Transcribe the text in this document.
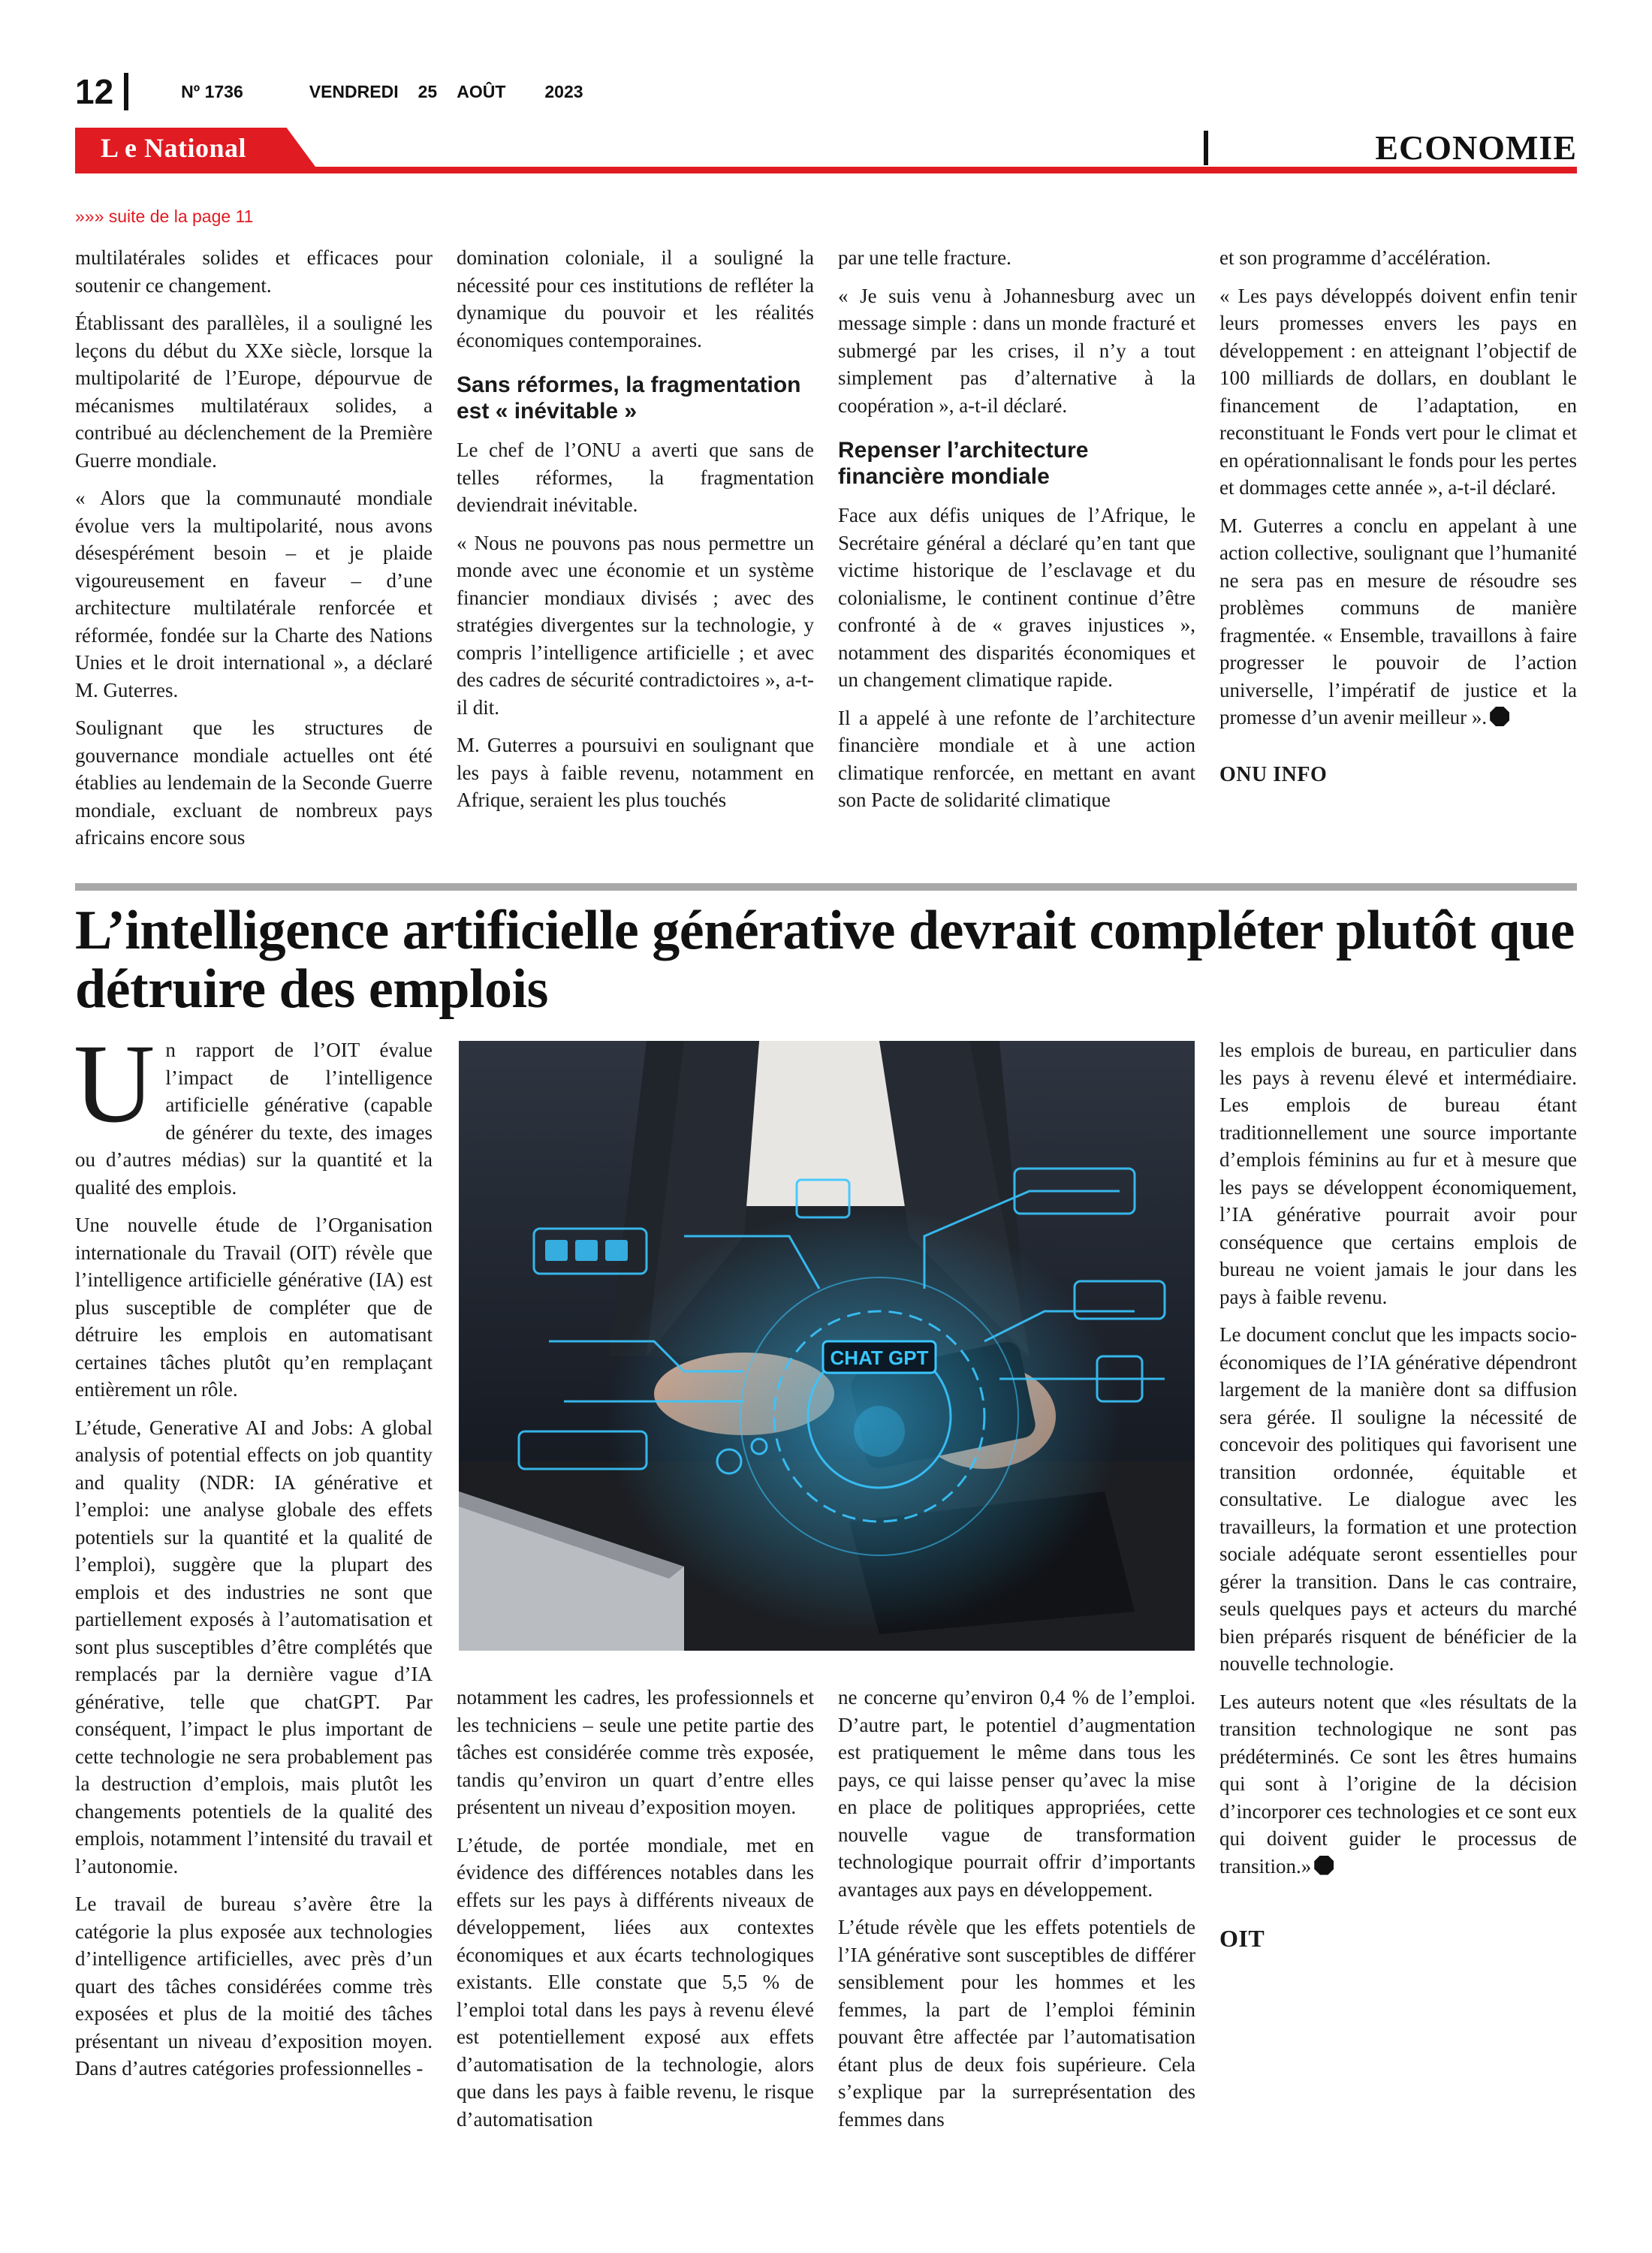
12	Nº 1736	VENDREDI 25 AOÛT 2023
L e National	ECONOMIE
»»» suite de la page 11

multilatérales solides et efficaces pour soutenir ce changement.

Établissant des parallèles, il a souligné les leçons du début du XXe siècle, lorsque la multipolarité de l’Europe, dépourvue de mécanismes multilatéraux solides, a contribué au déclenchement de la Première Guerre mondiale.

« Alors que la communauté mondiale évolue vers la multipolarité, nous avons désespérément besoin – et je plaide vigoureusement en faveur – d’une architecture multilatérale renforcée et réformée, fondée sur la Charte des Nations Unies et le droit international », a déclaré M. Guterres.

Soulignant que les structures de gouvernance mondiale actuelles ont été établies au lendemain de la Seconde Guerre mondiale, excluant de nombreux pays africains encore sous

domination coloniale, il a souligné la nécessité pour ces institutions de refléter la dynamique du pouvoir et les réalités économiques contemporaines.

Sans réformes, la fragmentation est « inévitable »

Le chef de l’ONU a averti que sans de telles réformes, la fragmentation deviendrait inévitable.

« Nous ne pouvons pas nous permettre un monde avec une économie et un système financier mondiaux divisés ; avec des stratégies divergentes sur la technologie, y compris l’intelligence artificielle ; et avec des cadres de sécurité contradictoires », a-t-il dit.

M. Guterres a poursuivi en soulignant que les pays à faible revenu, notamment en Afrique, seraient les plus touchés

par une telle fracture.

« Je suis venu à Johannesburg avec un message simple : dans un monde fracturé et submergé par les crises, il n’y a tout simplement pas d’alternative à la coopération », a-t-il déclaré.

Repenser l’architecture financière mondiale

Face aux défis uniques de l’Afrique, le Secrétaire général a déclaré qu’en tant que victime historique de l’esclavage et du colonialisme, le continent continue d’être confronté à de « graves injustices », notamment des disparités économiques et un changement climatique rapide.

Il a appelé à une refonte de l’architecture financière mondiale et à une action climatique renforcée, en mettant en avant son Pacte de solidarité climatique

et son programme d’accélération.

« Les pays développés doivent enfin tenir leurs promesses envers les pays en développement : en atteignant l’objectif de 100 milliards de dollars, en doublant le financement de l’adaptation, en reconstituant le Fonds vert pour le climat et en opérationnalisant le fonds pour les pertes et dommages cette année », a-t-il déclaré.

M. Guterres a conclu en appelant à une action collective, soulignant que l’humanité ne sera pas en mesure de résoudre ses problèmes communs de manière fragmentée. « Ensemble, travaillons à faire progresser le pouvoir de l’action universelle, l’impératif de justice et la promesse d’un avenir meilleur ».

ONU INFO

L’intelligence artificielle générative devrait compléter plutôt que détruire des emplois

Un rapport de l’OIT évalue l’impact de l’intelligence artificielle générative (capable de générer du texte, des images ou d’autres médias) sur la quantité et la qualité des emplois.

Une nouvelle étude de l’Organisation internationale du Travail (OIT) révèle que l’intelligence artificielle générative (IA) est plus susceptible de compléter que de détruire les emplois en automatisant certaines tâches plutôt qu’en remplaçant entièrement un rôle.

L’étude, Generative AI and Jobs: A global analysis of potential effects on job quantity and quality (NDR: IA générative et l’emploi: une analyse globale des effets potentiels sur la quantité et la qualité de l’emploi), suggère que la plupart des emplois et des industries ne sont que partiellement exposés à l’automatisation et sont plus susceptibles d’être complétés que remplacés par la dernière vague d’IA générative, telle que chatGPT. Par conséquent, l’impact le plus important de cette technologie ne sera probablement pas la destruction d’emplois, mais plutôt les changements potentiels de la qualité des emplois, notamment l’intensité du travail et l’autonomie.

Le travail de bureau s’avère être la catégorie la plus exposée aux technologies d’intelligence artificielles, avec près d’un quart des tâches considérées comme très exposées et plus de la moitié des tâches présentant un niveau d’exposition moyen. Dans d’autres catégories professionnelles -

CHAT GPT

notamment les cadres, les professionnels et les techniciens – seule une petite partie des tâches est considérée comme très exposée, tandis qu’environ un quart d’entre elles présentent un niveau d’exposition moyen.

L’étude, de portée mondiale, met en évidence des différences notables dans les effets sur les pays à différents niveaux de développement, liées aux contextes économiques et aux écarts technologiques existants. Elle constate que 5,5 % de l’emploi total dans les pays à revenu élevé est potentiellement exposé aux effets d’automatisation de la technologie, alors que dans les pays à faible revenu, le risque d’automatisation

ne concerne qu’environ 0,4 % de l’emploi. D’autre part, le potentiel d’augmentation est pratiquement le même dans tous les pays, ce qui laisse penser qu’avec la mise en place de politiques appropriées, cette nouvelle vague de transformation technologique pourrait offrir d’importants avantages aux pays en développement.

L’étude révèle que les effets potentiels de l’IA générative sont susceptibles de différer sensiblement pour les hommes et les femmes, la part de l’emploi féminin pouvant être affectée par l’automatisation étant plus de deux fois supérieure. Cela s’explique par la surreprésentation des femmes dans

les emplois de bureau, en particulier dans les pays à revenu élevé et intermédiaire. Les emplois de bureau étant traditionnellement une source importante d’emplois féminins au fur et à mesure que les pays se développent économiquement, l’IA générative pourrait avoir pour conséquence que certains emplois de bureau ne voient jamais le jour dans les pays à faible revenu.

Le document conclut que les impacts socio-économiques de l’IA générative dépendront largement de la manière dont sa diffusion sera gérée. Il souligne la nécessité de concevoir des politiques qui favorisent une transition ordonnée, équitable et consultative. Le dialogue avec les travailleurs, la formation et une protection sociale adéquate seront essentielles pour gérer la transition. Dans le cas contraire, seuls quelques pays et acteurs du marché bien préparés risquent de bénéficier de la nouvelle technologie.

Les auteurs notent que «les résultats de la transition technologique ne sont pas prédéterminés. Ce sont les êtres humains qui sont à l’origine de la décision d’incorporer ces technologies et ce sont eux qui doivent guider le processus de transition.»

OIT
